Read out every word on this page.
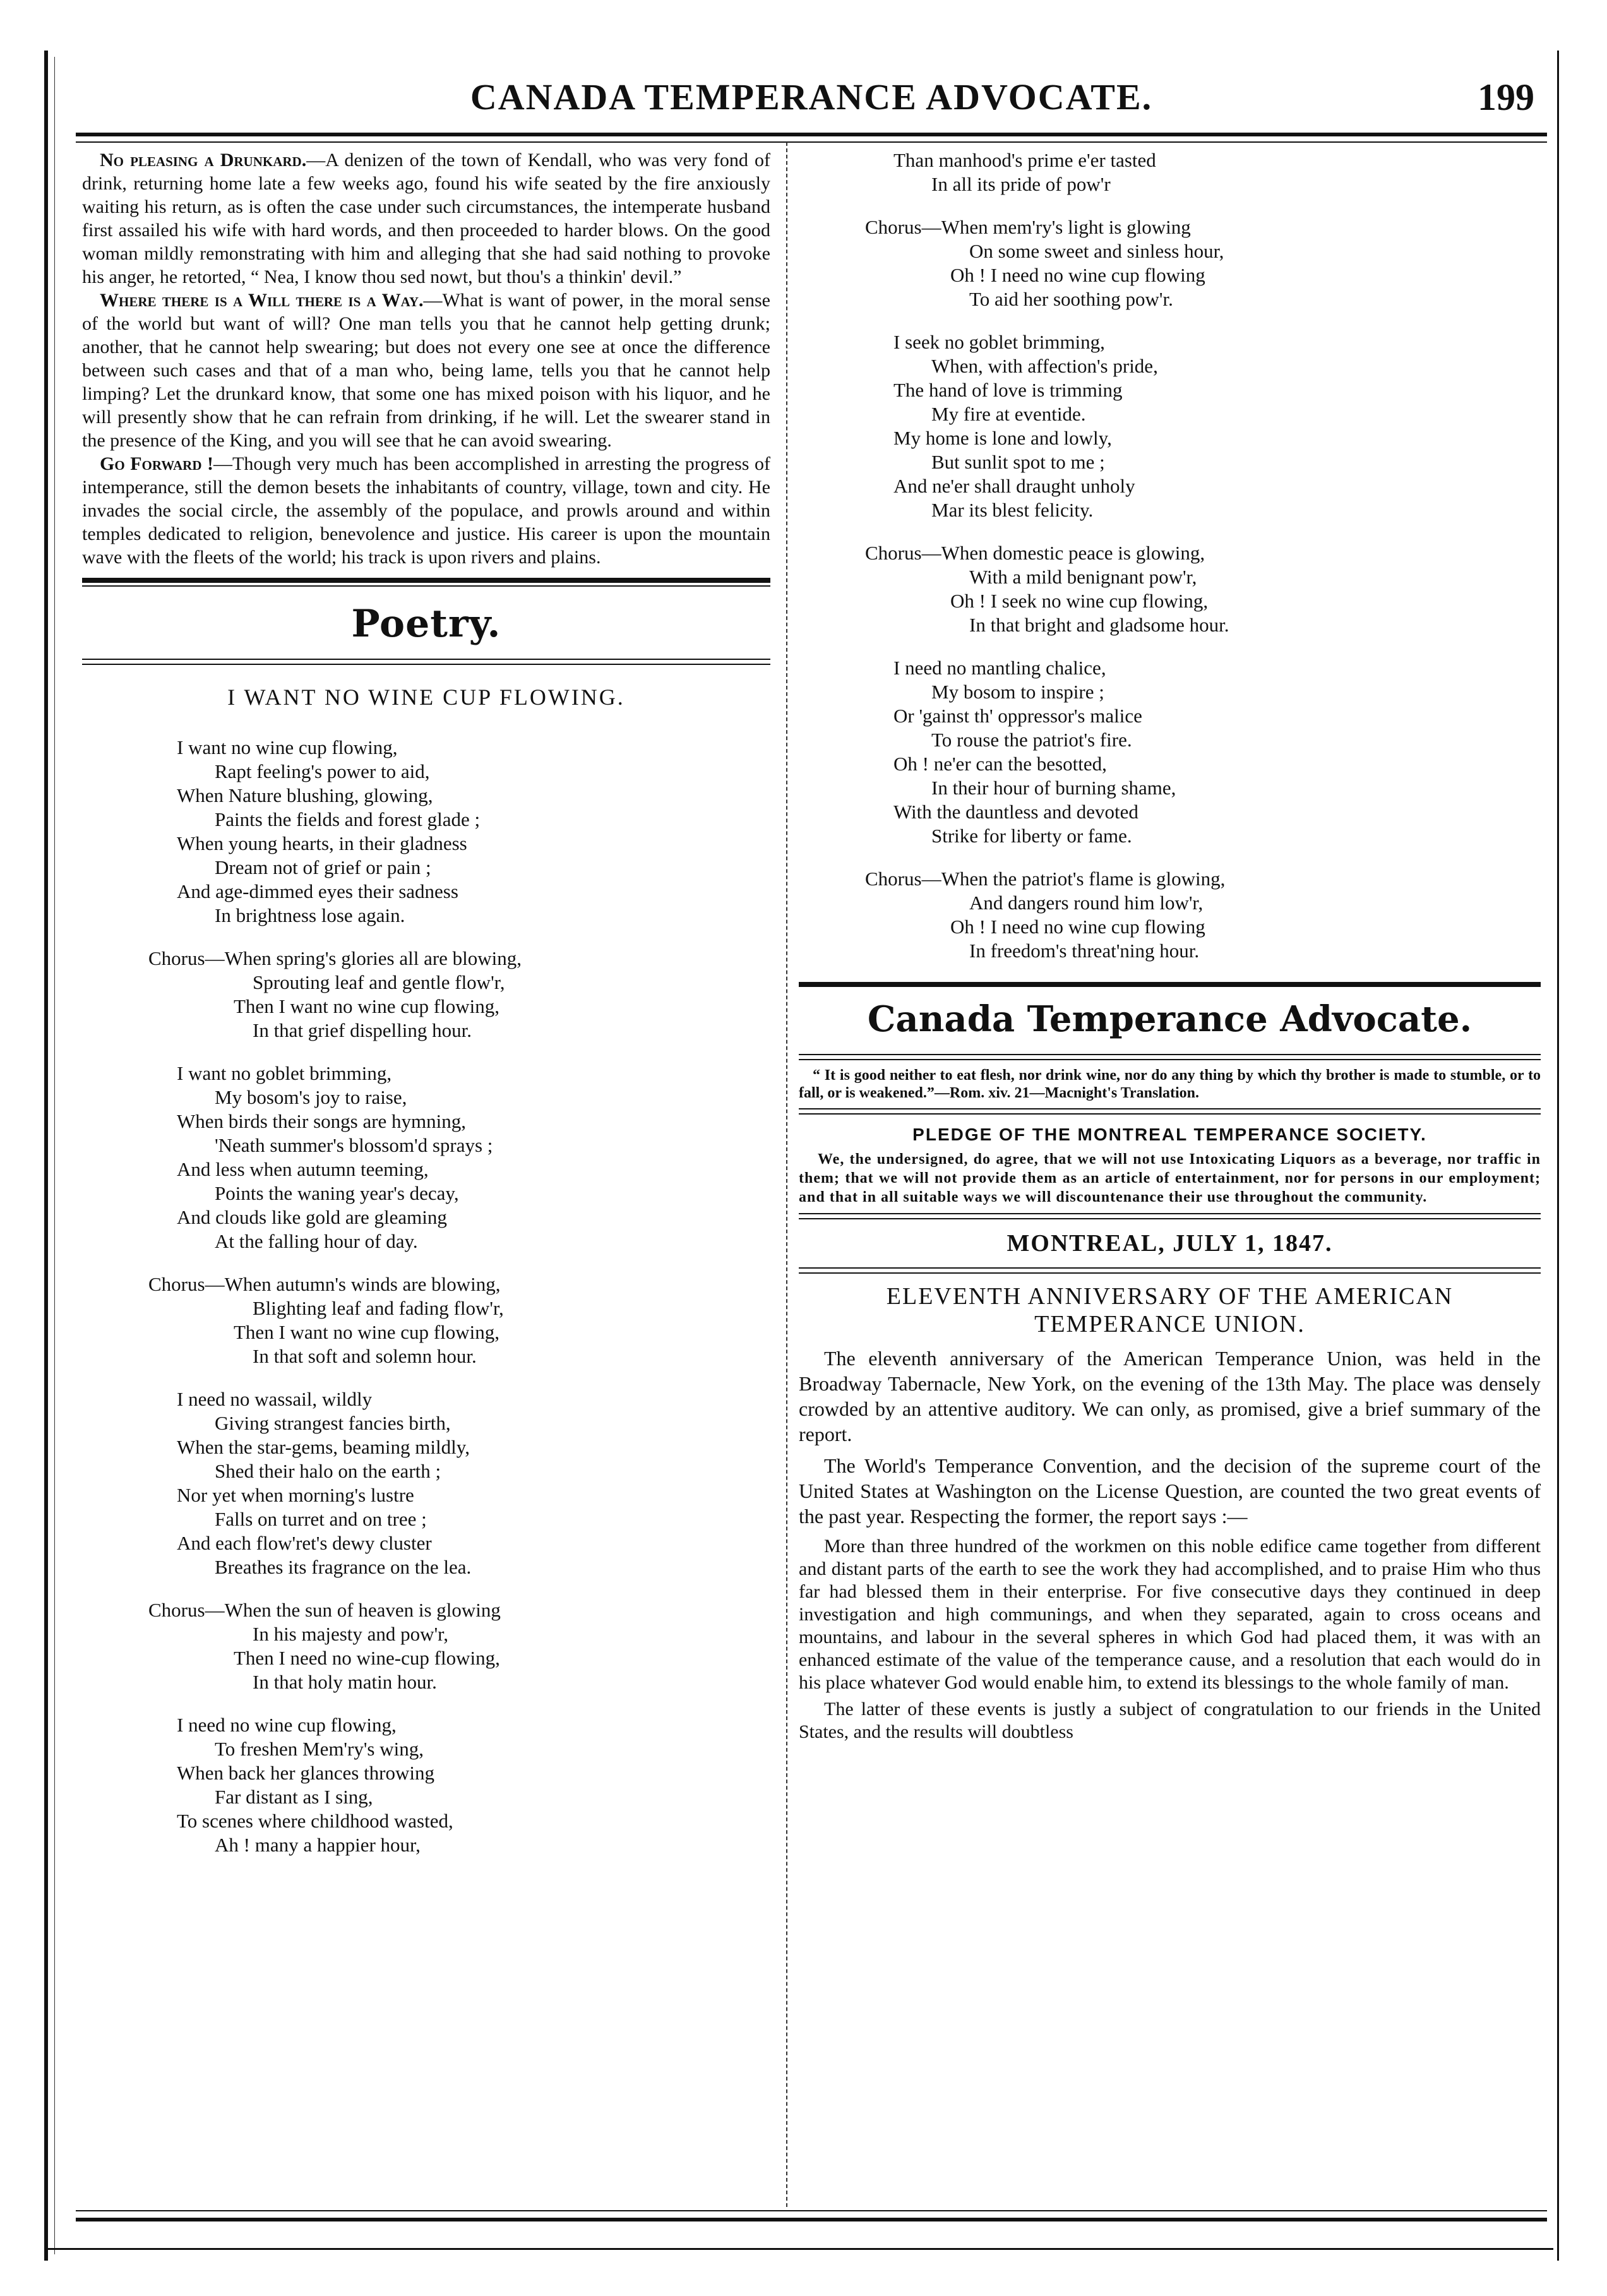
CANADA TEMPERANCE ADVOCATE.	199

No pleasing a Drunkard.—A denizen of the town of Kendall, who was very fond of drink, returning home late a few weeks ago, found his wife seated by the fire anxiously waiting his return, as is often the case under such circumstances, the intemperate husband first assailed his wife with hard words, and then proceeded to harder blows. On the good woman mildly remonstrating with him and alleging that she had said nothing to provoke his anger, he retorted, “ Nea, I know thou sed nowt, but thou's a thinkin' devil.”

Where there is a Will there is a Way.—What is want of power, in the moral sense of the world but want of will? One man tells you that he cannot help getting drunk; another, that he cannot help swearing; but does not every one see at once the difference between such cases and that of a man who, being lame, tells you that he cannot help limping? Let the drunkard know, that some one has mixed poison with his liquor, and he will presently show that he can refrain from drinking, if he will. Let the swearer stand in the presence of the King, and you will see that he can avoid swearing.

Go Forward !—Though very much has been accomplished in arresting the progress of intemperance, still the demon besets the inhabitants of country, village, town and city. He invades the social circle, the assembly of the populace, and prowls around and within temples dedicated to religion, benevolence and justice. His career is upon the mountain wave with the fleets of the world; his track is upon rivers and plains.

Poetry.
I WANT NO WINE CUP FLOWING.
I want no wine cup flowing,
Rapt feeling's power to aid,
When Nature blushing, glowing,
Paints the fields and forest glade ;
When young hearts, in their gladness
Dream not of grief or pain ;
And age-dimmed eyes their sadness
In brightness lose again.
Chorus—When spring's glories all are blowing,
Sprouting leaf and gentle flow'r,
Then I want no wine cup flowing,
In that grief dispelling hour.
I want no goblet brimming,
My bosom's joy to raise,
When birds their songs are hymning,
'Neath summer's blossom'd sprays ;
And less when autumn teeming,
Points the waning year's decay,
And clouds like gold are gleaming
At the falling hour of day.
Chorus—When autumn's winds are blowing,
Blighting leaf and fading flow'r,
Then I want no wine cup flowing,
In that soft and solemn hour.
I need no wassail, wildly
Giving strangest fancies birth,
When the star-gems, beaming mildly,
Shed their halo on the earth ;
Nor yet when morning's lustre
Falls on turret and on tree ;
And each flow'ret's dewy cluster
Breathes its fragrance on the lea.
Chorus—When the sun of heaven is glowing
In his majesty and pow'r,
Then I need no wine-cup flowing,
In that holy matin hour.
I need no wine cup flowing,
To freshen Mem'ry's wing,
When back her glances throwing
Far distant as I sing,
To scenes where childhood wasted,
Ah ! many a happier hour,
Than manhood's prime e'er tasted
In all its pride of pow'r
Chorus—When mem'ry's light is glowing
On some sweet and sinless hour,
Oh ! I need no wine cup flowing
To aid her soothing pow'r.
I seek no goblet brimming,
When, with affection's pride,
The hand of love is trimming
My fire at eventide.
My home is lone and lowly,
But sunlit spot to me ;
And ne'er shall draught unholy
Mar its blest felicity.
Chorus—When domestic peace is glowing,
With a mild benignant pow'r,
Oh ! I seek no wine cup flowing,
In that bright and gladsome hour.
I need no mantling chalice,
My bosom to inspire ;
Or 'gainst th' oppressor's malice
To rouse the patriot's fire.
Oh ! ne'er can the besotted,
In their hour of burning shame,
With the dauntless and devoted
Strike for liberty or fame.
Chorus—When the patriot's flame is glowing,
And dangers round him low'r,
Oh ! I need no wine cup flowing
In freedom's threat'ning hour.
Canada Temperance Advocate.

“ It is good neither to eat flesh, nor drink wine, nor do any thing by which thy brother is made to stumble, or to fall, or is weakened.”—Rom. xiv. 21—Macnight's Translation.

PLEDGE OF THE MONTREAL TEMPERANCE SOCIETY.

We, the undersigned, do agree, that we will not use Intoxicating Liquors as a beverage, nor traffic in them; that we will not provide them as an article of entertainment, nor for persons in our employment; and that in all suitable ways we will discountenance their use throughout the community.

MONTREAL, JULY 1, 1847.
ELEVENTH ANNIVERSARY OF THE AMERICAN TEMPERANCE UNION.

The eleventh anniversary of the American Temperance Union, was held in the Broadway Tabernacle, New York, on the evening of the 13th May. The place was densely crowded by an attentive auditory. We can only, as promised, give a brief summary of the report.

The World's Temperance Convention, and the decision of the supreme court of the United States at Washington on the License Question, are counted the two great events of the past year. Respecting the former, the report says :—

More than three hundred of the workmen on this noble edifice came together from different and distant parts of the earth to see the work they had accomplished, and to praise Him who thus far had blessed them in their enterprise. For five consecutive days they continued in deep investigation and high communings, and when they separated, again to cross oceans and mountains, and labour in the several spheres in which God had placed them, it was with an enhanced estimate of the value of the temperance cause, and a resolution that each would do in his place whatever God would enable him, to extend its blessings to the whole family of man.

The latter of these events is justly a subject of congratulation to our friends in the United States, and the results will doubtless
